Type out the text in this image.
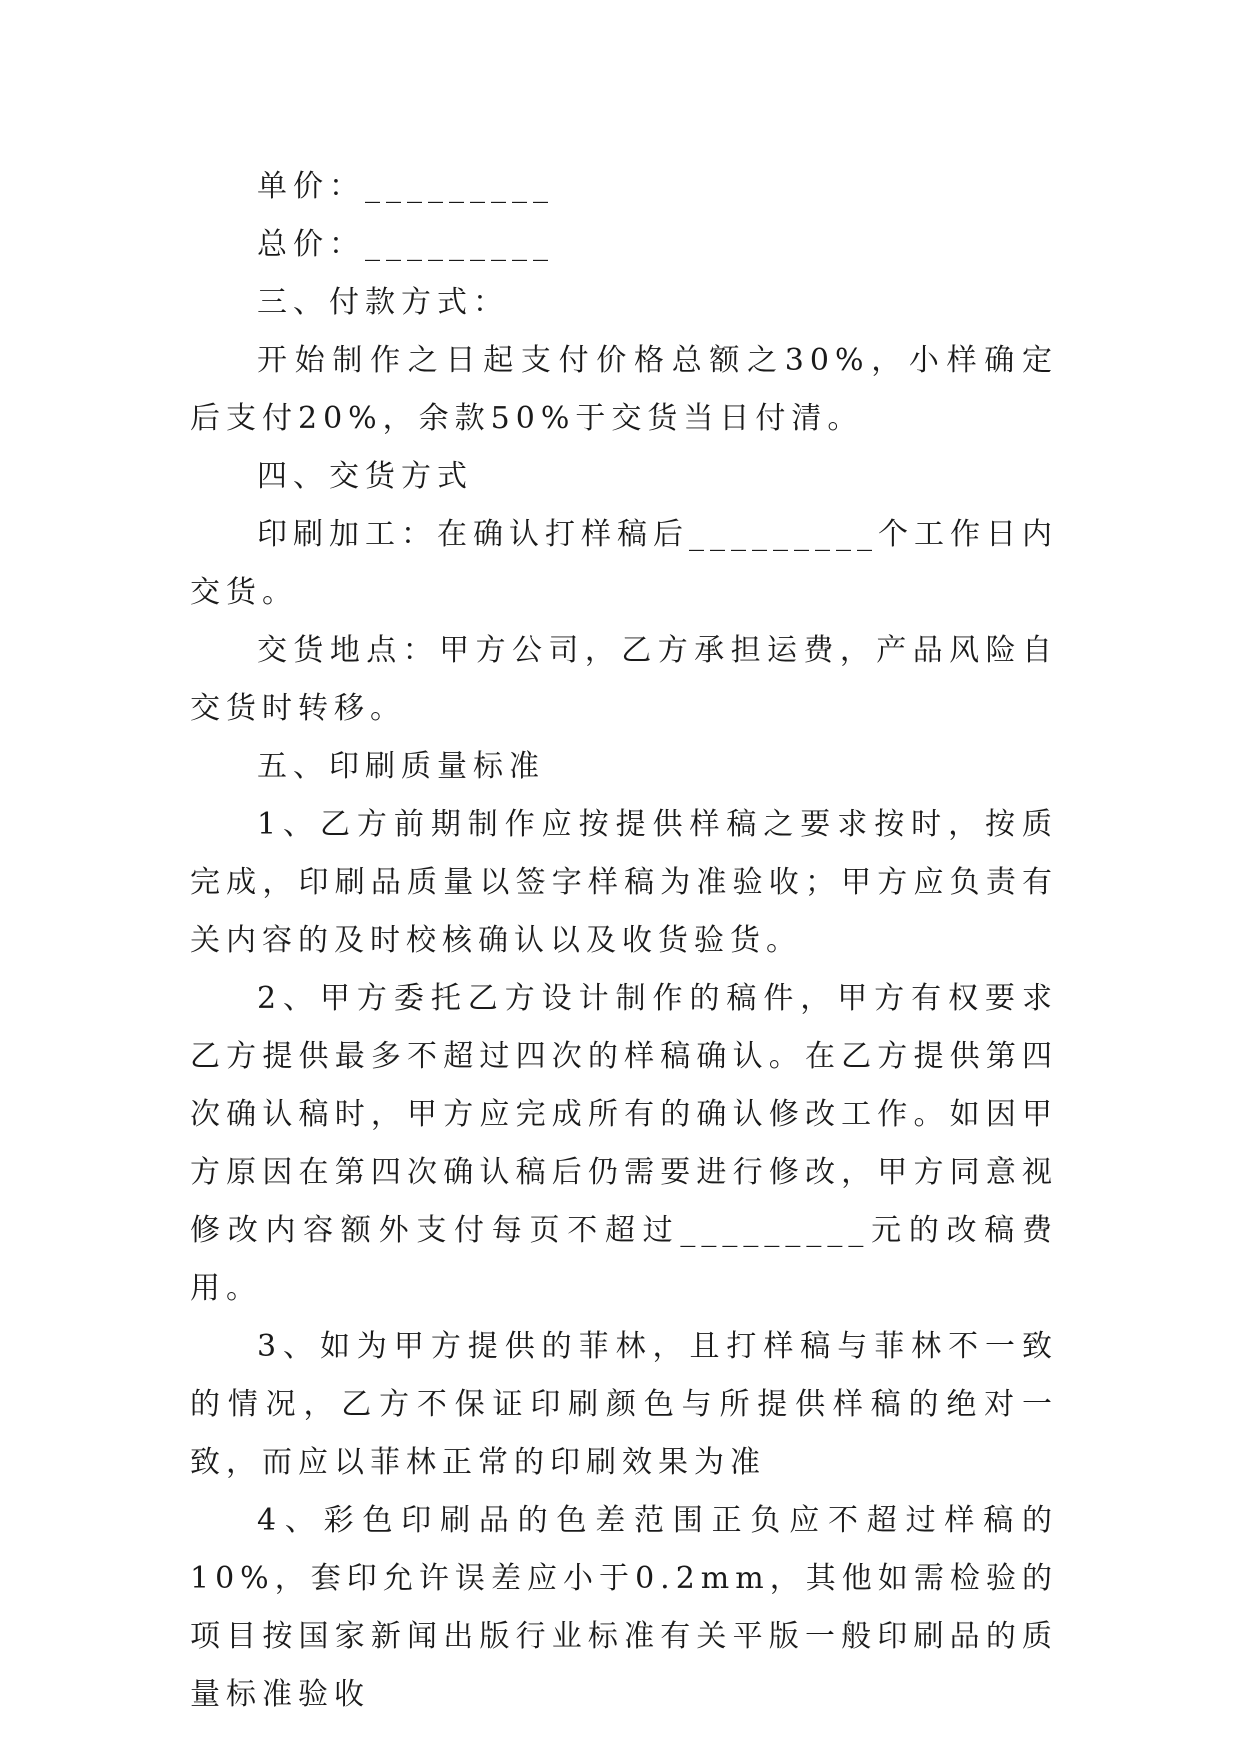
单价：_________

总价：_________

三、付款方式：

开始制作之日起支付价格总额之30%，小样确定后支付20%，余款50%于交货当日付清。

四、交货方式

印刷加工：在确认打样稿后_________个工作日内交货。

交货地点：甲方公司，乙方承担运费，产品风险自交货时转移。

五、印刷质量标准

1、乙方前期制作应按提供样稿之要求按时，按质完成，印刷品质量以签字样稿为准验收；甲方应负责有关内容的及时校核确认以及收货验货。

2、甲方委托乙方设计制作的稿件，甲方有权要求乙方提供最多不超过四次的样稿确认。在乙方提供第四次确认稿时，甲方应完成所有的确认修改工作。如因甲方原因在第四次确认稿后仍需要进行修改，甲方同意视修改内容额外支付每页不超过_________元的改稿费用。

3、如为甲方提供的菲林，且打样稿与菲林不一致的情况，乙方不保证印刷颜色与所提供样稿的绝对一致，而应以菲林正常的印刷效果为准

4、彩色印刷品的色差范围正负应不超过样稿的10%，套印允许误差应小于0.2mm，其他如需检验的项目按国家新闻出版行业标准有关平版一般印刷品的质量标准验收
